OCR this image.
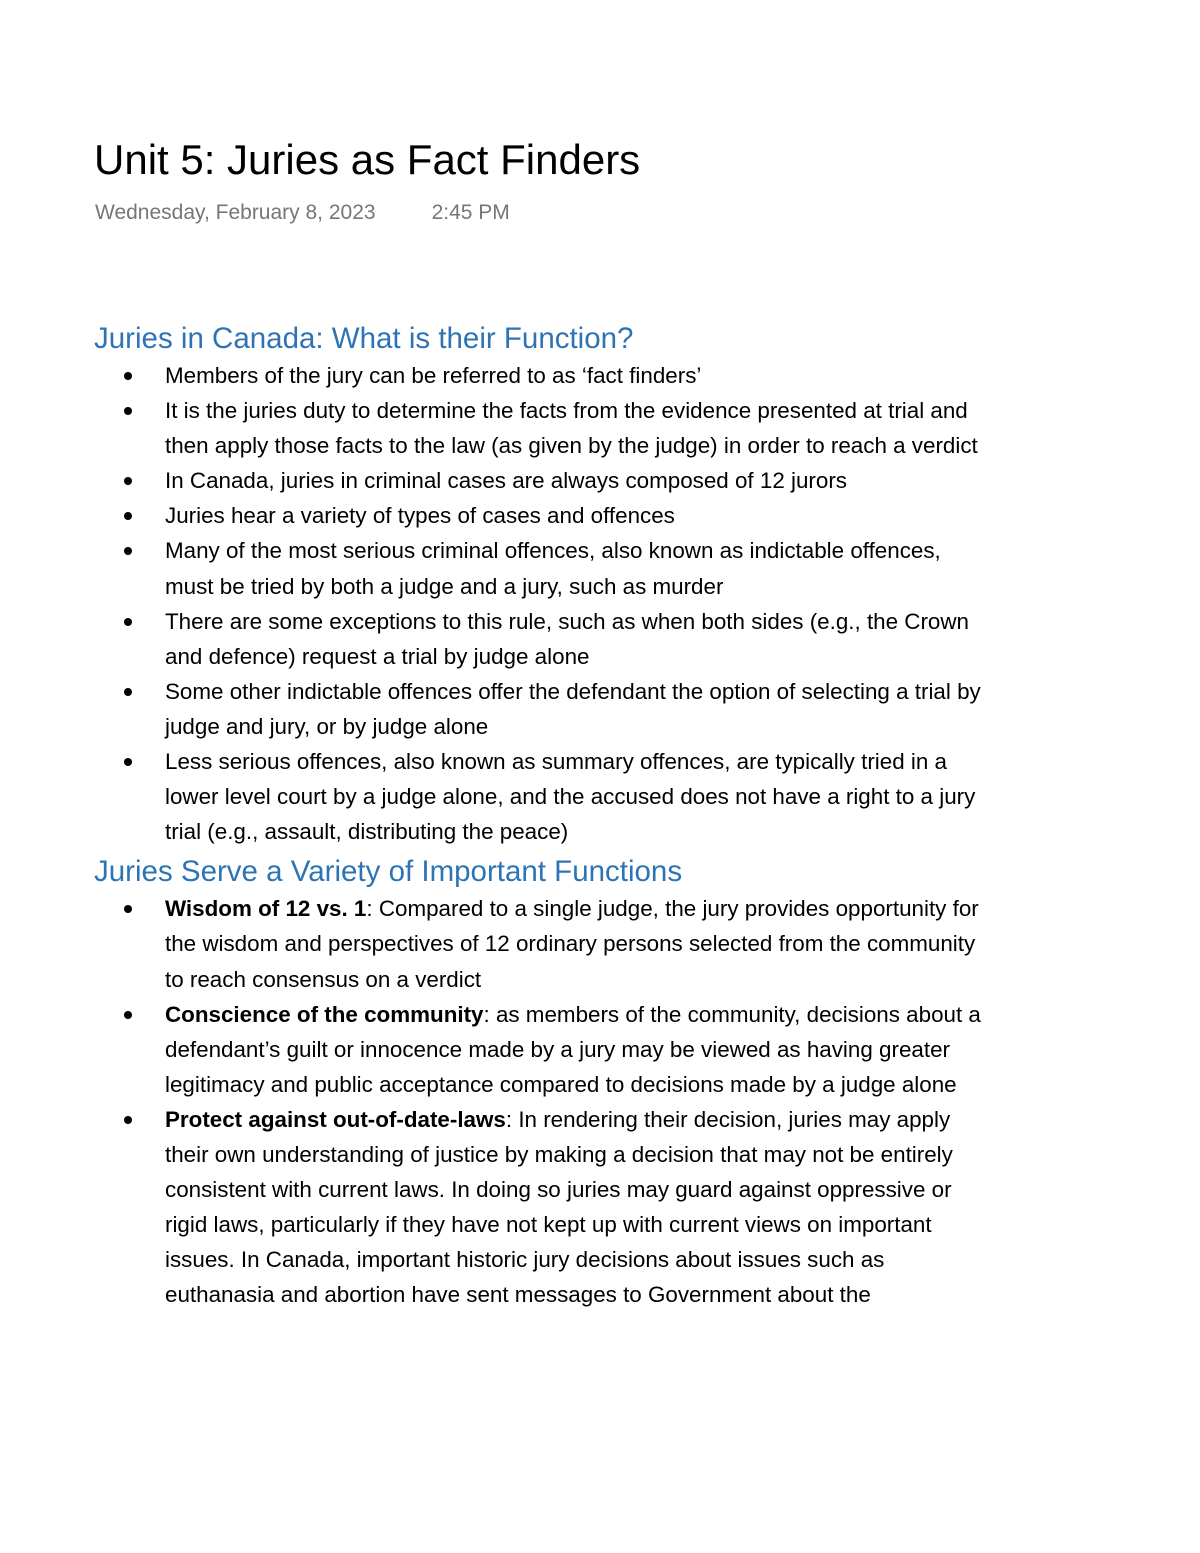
Unit 5: Juries as Fact Finders
Wednesday, February 8, 2023	2:45 PM
Juries in Canada: What is their Function?
Members of the jury can be referred to as ‘fact finders’
It is the juries duty to determine the facts from the evidence presented at trial and then apply those facts to the law (as given by the judge) in order to reach a verdict
In Canada, juries in criminal cases are always composed of 12 jurors
Juries hear a variety of types of cases and offences
Many of the most serious criminal offences, also known as indictable offences, must be tried by both a judge and a jury, such as murder
There are some exceptions to this rule, such as when both sides (e.g., the Crown and defence) request a trial by judge alone
Some other indictable offences offer the defendant the option of selecting a trial by judge and jury, or by judge alone
Less serious offences, also known as summary offences, are typically tried in a lower level court by a judge alone, and the accused does not have a right to a jury trial (e.g., assault, distributing the peace)
Juries Serve a Variety of Important Functions
Wisdom of 12 vs. 1: Compared to a single judge, the jury provides opportunity for the wisdom and perspectives of 12 ordinary persons selected from the community to reach consensus on a verdict
Conscience of the community: as members of the community, decisions about a defendant’s guilt or innocence made by a jury may be viewed as having greater legitimacy and public acceptance compared to decisions made by a judge alone
Protect against out-of-date-laws: In rendering their decision, juries may apply their own understanding of justice by making a decision that may not be entirely consistent with current laws. In doing so juries may guard against oppressive or rigid laws, particularly if they have not kept up with current views on important issues. In Canada, important historic jury decisions about issues such as euthanasia and abortion have sent messages to Government about the
